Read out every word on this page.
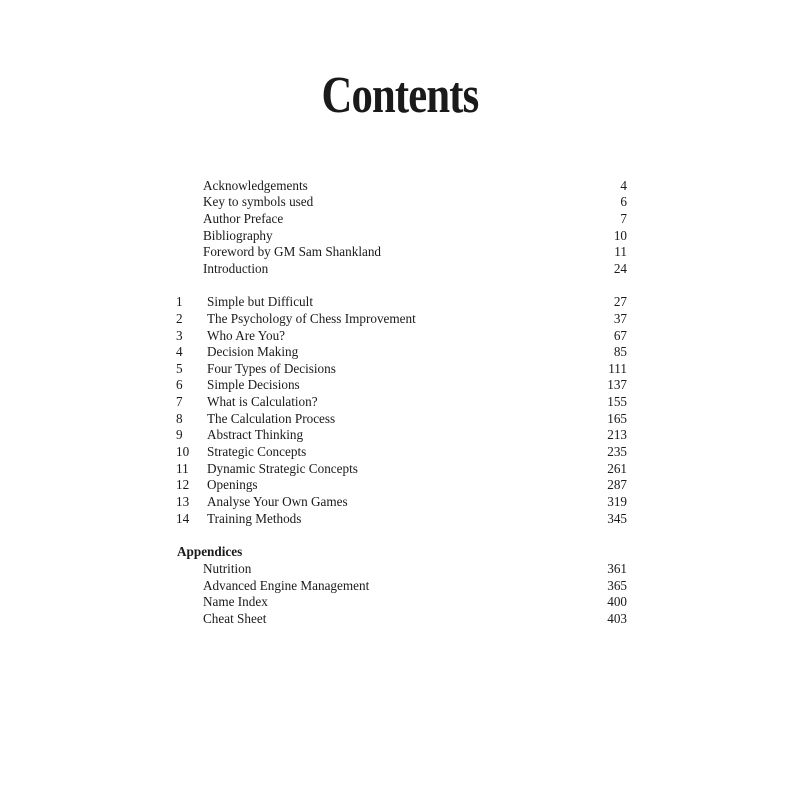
Contents
Acknowledgements	4
Key to symbols used	6
Author Preface	7
Bibliography	10
Foreword by GM Sam Shankland	11
Introduction	24
1 Simple but Difficult	27
2 The Psychology of Chess Improvement	37
3 Who Are You?	67
4 Decision Making	85
5 Four Types of Decisions	111
6 Simple Decisions	137
7 What is Calculation?	155
8 The Calculation Process	165
9 Abstract Thinking	213
10 Strategic Concepts	235
11 Dynamic Strategic Concepts	261
12 Openings	287
13 Analyse Your Own Games	319
14 Training Methods	345
Appendices
Nutrition	361
Advanced Engine Management	365
Name Index	400
Cheat Sheet	403
